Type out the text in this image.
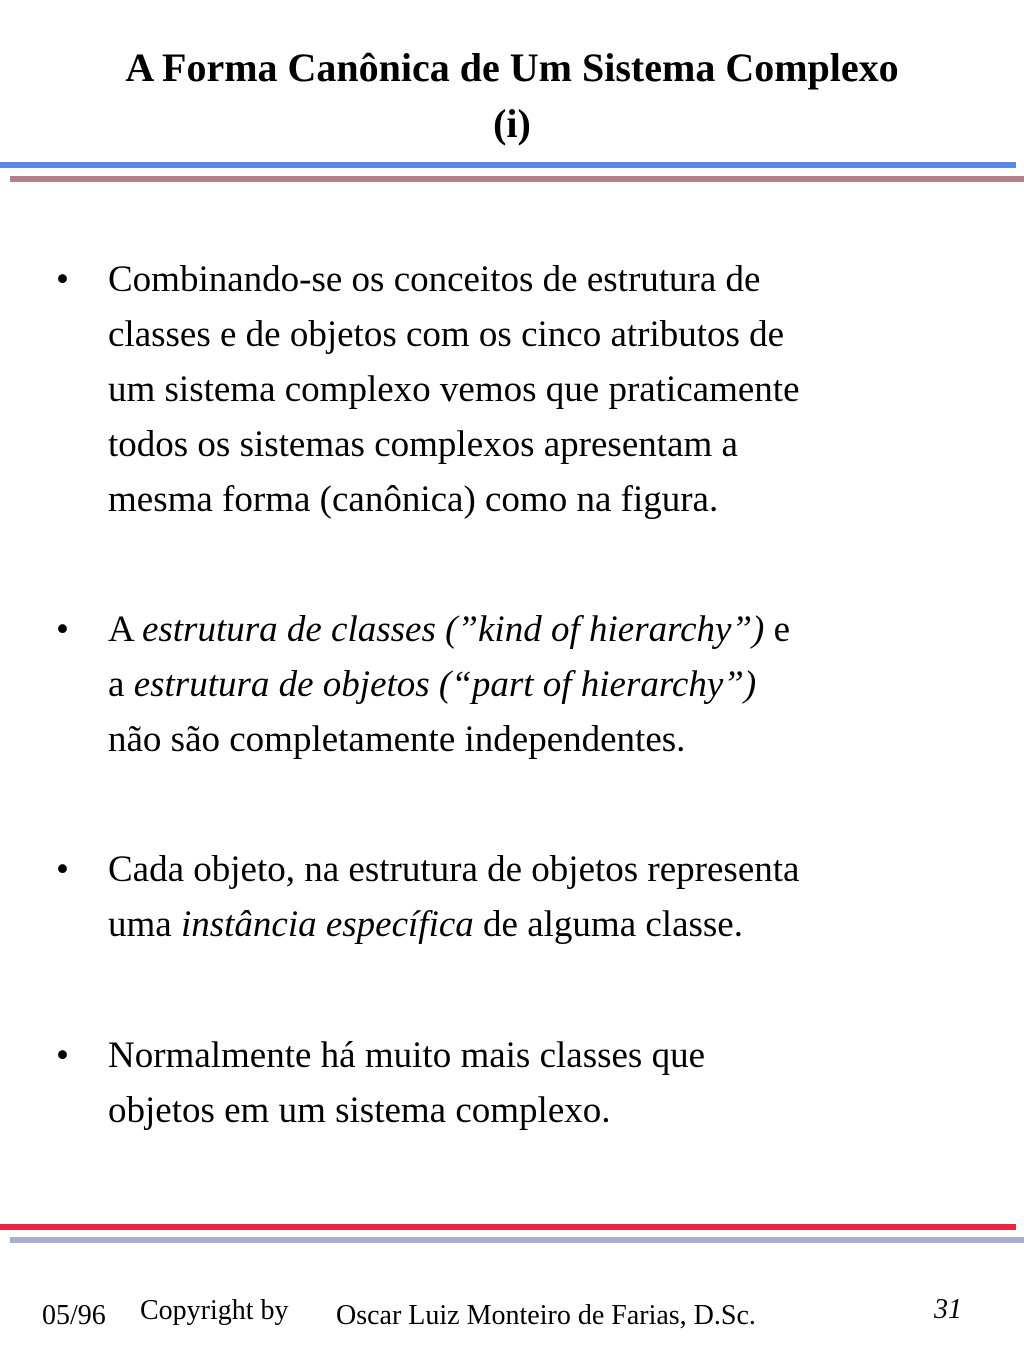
A Forma Canônica de Um Sistema Complexo
(i)
• Combinando-se os conceitos de estrutura de
classes e de objetos com os cinco atributos de
um sistema complexo vemos que praticamente
todos os sistemas complexos apresentam a
mesma forma (canônica) como na figura.
• A estrutura de classes (”kind of hierarchy”) e
a estrutura de objetos (“part of hierarchy”)
não são completamente independentes.
• Cada objeto, na estrutura de objetos representa
uma instância específica de alguma classe.
• Normalmente há muito mais classes que
objetos em um sistema complexo.
05/96 Copyright by Oscar Luiz Monteiro de Farias, D.Sc.	31
